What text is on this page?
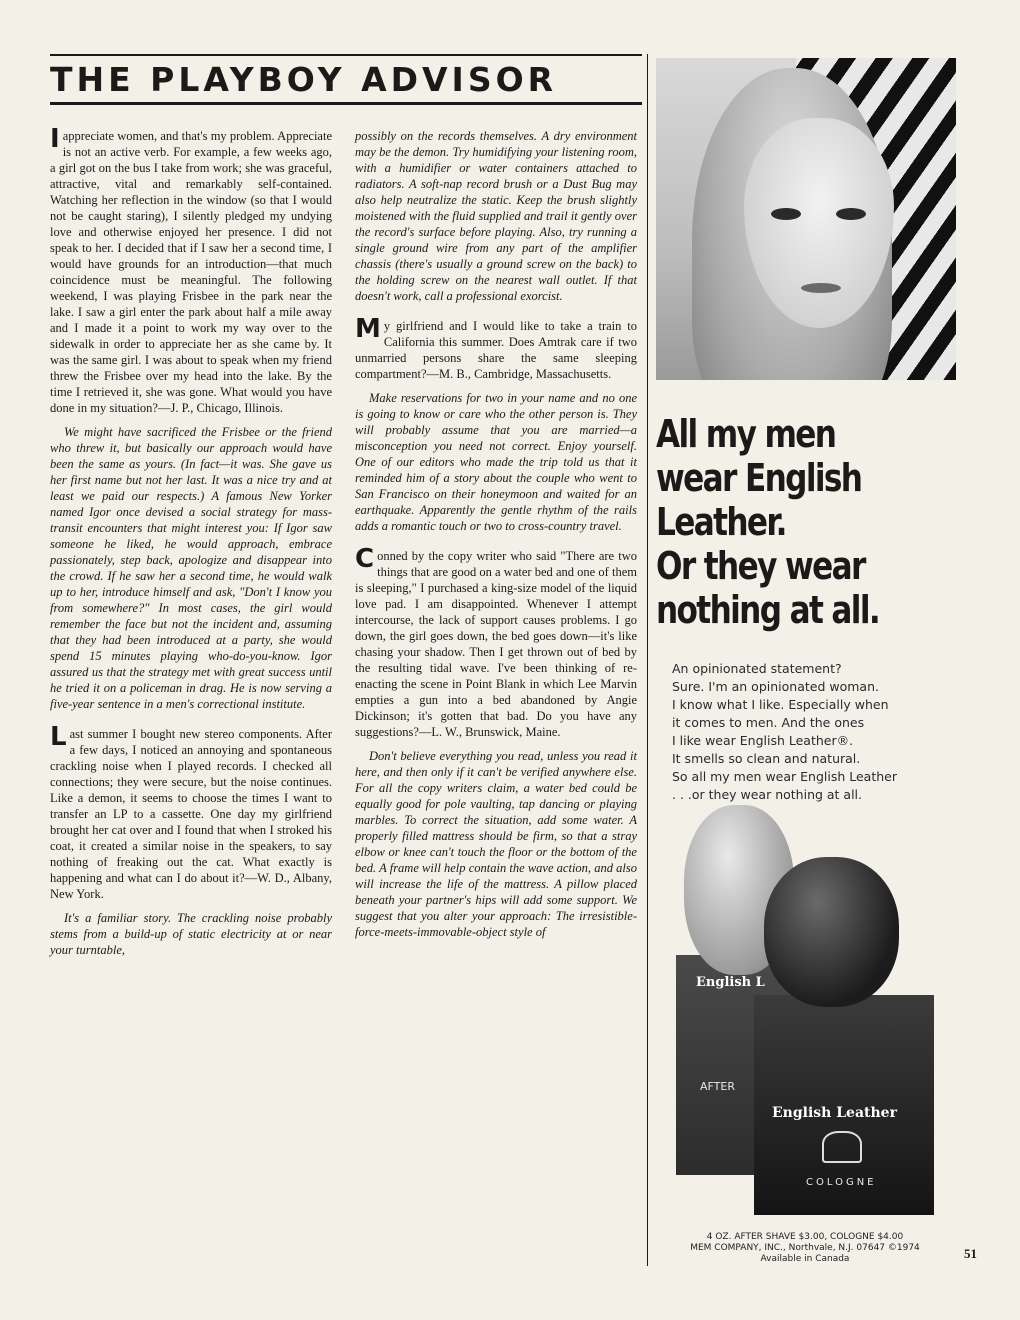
THE PLAYBOY ADVISOR

I appreciate women, and that's my problem. Appreciate is not an active verb. For example, a few weeks ago, a girl got on the bus I take from work; she was graceful, attractive, vital and remarkably self-contained. Watching her reflection in the window (so that I would not be caught staring), I silently pledged my undying love and otherwise enjoyed her presence. I did not speak to her. I decided that if I saw her a second time, I would have grounds for an introduction—that much coincidence must be meaningful. The following weekend, I was playing Frisbee in the park near the lake. I saw a girl enter the park about half a mile away and I made it a point to work my way over to the sidewalk in order to appreciate her as she came by. It was the same girl. I was about to speak when my friend threw the Frisbee over my head into the lake. By the time I retrieved it, she was gone. What would you have done in my situation?—J. P., Chicago, Illinois.

We might have sacrificed the Frisbee or the friend who threw it, but basically our approach would have been the same as yours. (In fact—it was. She gave us her first name but not her last. It was a nice try and at least we paid our respects.) A famous New Yorker named Igor once devised a social strategy for mass-transit encounters that might interest you: If Igor saw someone he liked, he would approach, embrace passionately, step back, apologize and disappear into the crowd. If he saw her a second time, he would walk up to her, introduce himself and ask, "Don't I know you from somewhere?" In most cases, the girl would remember the face but not the incident and, assuming that they had been introduced at a party, she would spend 15 minutes playing who-do-you-know. Igor assured us that the strategy met with great success until he tried it on a policeman in drag. He is now serving a five-year sentence in a men's correctional institute.

Last summer I bought new stereo components. After a few days, I noticed an annoying and spontaneous crackling noise when I played records. I checked all connections; they were secure, but the noise continues. Like a demon, it seems to choose the times I want to transfer an LP to a cassette. One day my girlfriend brought her cat over and I found that when I stroked his coat, it created a similar noise in the speakers, to say nothing of freaking out the cat. What exactly is happening and what can I do about it?—W. D., Albany, New York.

It's a familiar story. The crackling noise probably stems from a build-up of static electricity at or near your turntable,

possibly on the records themselves. A dry environment may be the demon. Try humidifying your listening room, with a humidifier or water containers attached to radiators. A soft-nap record brush or a Dust Bug may also help neutralize the static. Keep the brush slightly moistened with the fluid supplied and trail it gently over the record's surface before playing. Also, try running a single ground wire from any part of the amplifier chassis (there's usually a ground screw on the back) to the holding screw on the nearest wall outlet. If that doesn't work, call a professional exorcist.

My girlfriend and I would like to take a train to California this summer. Does Amtrak care if two unmarried persons share the same sleeping compartment?—M. B., Cambridge, Massachusetts.

Make reservations for two in your name and no one is going to know or care who the other person is. They will probably assume that you are married—a misconception you need not correct. Enjoy yourself. One of our editors who made the trip told us that it reminded him of a story about the couple who went to San Francisco on their honeymoon and waited for an earthquake. Apparently the gentle rhythm of the rails adds a romantic touch or two to cross-country travel.

Conned by the copy writer who said "There are two things that are good on a water bed and one of them is sleeping," I purchased a king-size model of the liquid love pad. I am disappointed. Whenever I attempt intercourse, the lack of support causes problems. I go down, the girl goes down, the bed goes down—it's like chasing your shadow. Then I get thrown out of bed by the resulting tidal wave. I've been thinking of re-enacting the scene in Point Blank in which Lee Marvin empties a gun into a bed abandoned by Angie Dickinson; it's gotten that bad. Do you have any suggestions?—L. W., Brunswick, Maine.

Don't believe everything you read, unless you read it here, and then only if it can't be verified anywhere else. For all the copy writers claim, a water bed could be equally good for pole vaulting, tap dancing or playing marbles. To correct the situation, add some water. A properly filled mattress should be firm, so that a stray elbow or knee can't touch the floor or the bottom of the bed. A frame will help contain the wave action, and also will increase the life of the mattress. A pillow placed beneath your partner's hips will add some support. We suggest that you alter your approach: The irresistible-force-meets-immovable-object style of

All my men
wear English
Leather.
Or they wear
nothing at all.
An opinionated statement?
Sure. I'm an opinionated woman.
I know what I like. Especially when
it comes to men. And the ones
I like wear English Leather®.
It smells so clean and natural.
So all my men wear English Leather
. . .or they wear nothing at all.
English L
AFTER
English Leather
COLOGNE
4 OZ. AFTER SHAVE $3.00, COLOGNE $4.00
MEM COMPANY, INC., Northvale, N.J. 07647 ©1974
Available in Canada	51
